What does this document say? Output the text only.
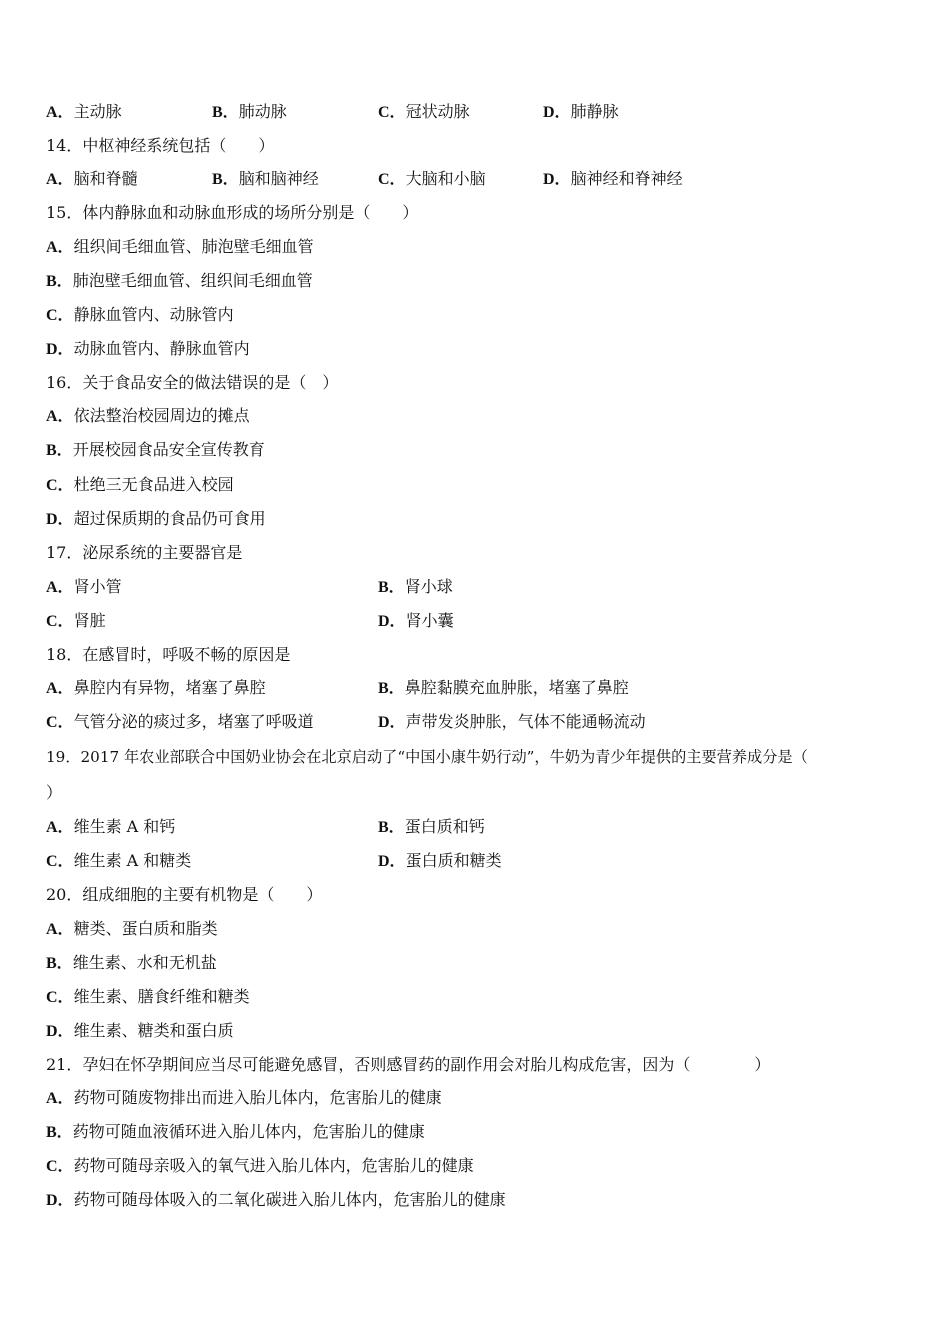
A．主动脉	B．肺动脉	C．冠状动脉	D．肺静脉
14．中枢神经系统包括（　　）
A．脑和脊髓	B．脑和脑神经	C．大脑和小脑	D．脑神经和脊神经
15．体内静脉血和动脉血形成的场所分别是（　　）
A．组织间毛细血管、肺泡壁毛细血管
B．肺泡壁毛细血管、组织间毛细血管
C．静脉血管内、动脉管内
D．动脉血管内、静脉血管内
16．关于食品安全的做法错误的是（　）
A．依法整治校园周边的摊点
B．开展校园食品安全宣传教育
C．杜绝三无食品进入校园
D．超过保质期的食品仍可食用
17．泌尿系统的主要器官是
A．肾小管	B．肾小球
C．肾脏	D．肾小囊
18．在感冒时，呼吸不畅的原因是
A．鼻腔内有异物，堵塞了鼻腔	B．鼻腔黏膜充血肿胀，堵塞了鼻腔
C．气管分泌的痰过多，堵塞了呼吸道	D．声带发炎肿胀，气体不能通畅流动
19．2017 年农业部联合中国奶业协会在北京启动了“中国小康牛奶行动”，牛奶为青少年提供的主要营养成分是（
）
A．维生素 A 和钙	B．蛋白质和钙
C．维生素 A 和糖类	D．蛋白质和糖类
20．组成细胞的主要有机物是（　　）
A．糖类、蛋白质和脂类
B．维生素、水和无机盐
C．维生素、膳食纤维和糖类
D．维生素、糖类和蛋白质
21．孕妇在怀孕期间应当尽可能避免感冒，否则感冒药的副作用会对胎儿构成危害，因为（　　　　）
A．药物可随废物排出而进入胎儿体内，危害胎儿的健康
B．药物可随血液循环进入胎儿体内，危害胎儿的健康
C．药物可随母亲吸入的氧气进入胎儿体内，危害胎儿的健康
D．药物可随母体吸入的二氧化碳进入胎儿体内，危害胎儿的健康
